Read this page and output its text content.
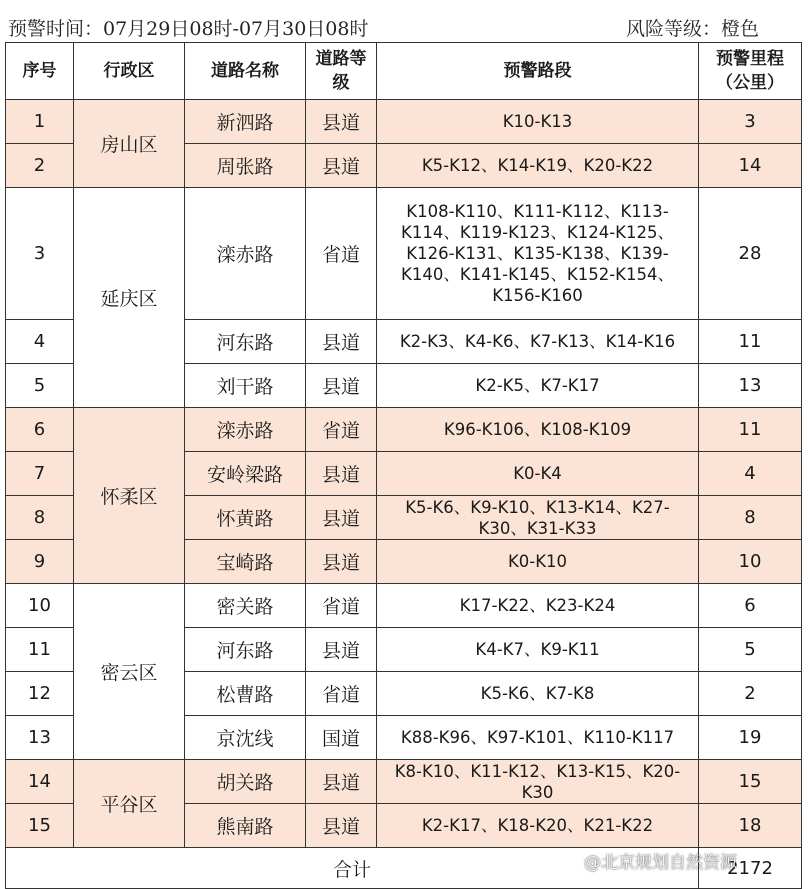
预警时间：07月29日08时-07月30日08时	风险等级：橙色
序号	行政区	道路名称	道路等级	预警路段	预警里程（公里）
1	房山区	新泗路	县道	K10-K13	3
2		周张路	县道	K5-K12、K14-K19、K20-K22	14
3	延庆区	滦赤路	省道	K108-K110、K111-K112、K113-K114、K119-K123、K124-K125、K126-K131、K135-K138、K139-K140、K141-K145、K152-K154、K156-K160	28
4		河东路	县道	K2-K3、K4-K6、K7-K13、K14-K16	11
5		刘干路	县道	K2-K5、K7-K17	13
6	怀柔区	滦赤路	省道	K96-K106、K108-K109	11
7		安岭梁路	县道	K0-K4	4
8		怀黄路	县道	K5-K6、K9-K10、K13-K14、K27-K30、K31-K33	8
9		宝崎路	县道	K0-K10	10
10	密云区	密关路	省道	K17-K22、K23-K24	6
11		河东路	县道	K4-K7、K9-K11	5
12		松曹路	省道	K5-K6、K7-K8	2
13		京沈线	国道	K88-K96、K97-K101、K110-K117	19
14	平谷区	胡关路	县道	K8-K10、K11-K12、K13-K15、K20-K30	15
15		熊南路	县道	K2-K17、K18-K20、K21-K22	18
合计					2172
@北京规划自然资源
